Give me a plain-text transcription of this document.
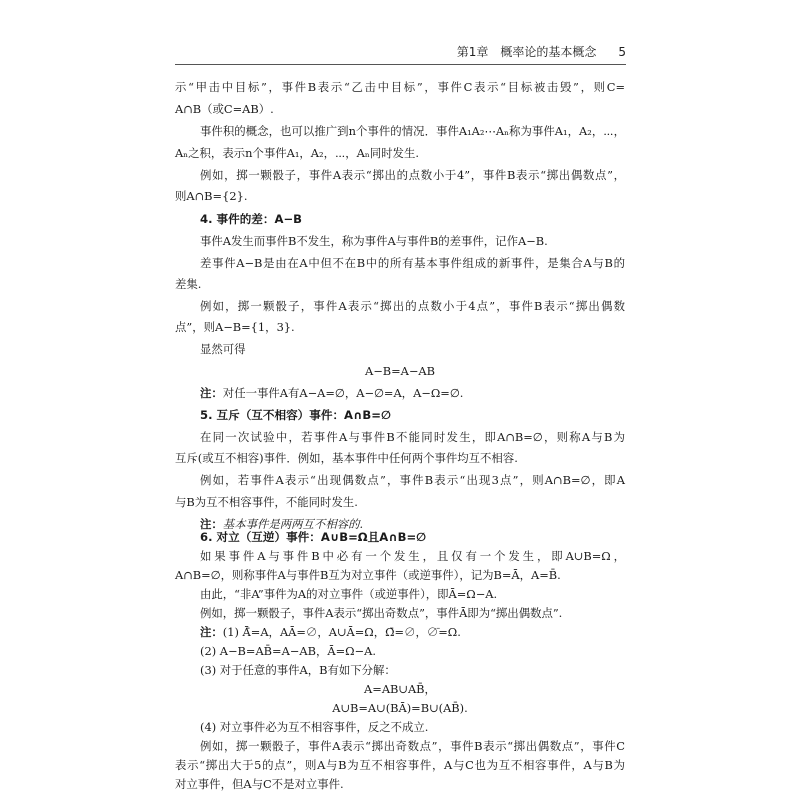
第1章　概率论的基本概念 5
示“甲击中目标”，事件B表示“乙击中目标”，事件C表示“目标被击毁”，则C=
A∩B（或C=AB）.
事件积的概念，也可以推广到n个事件的情况．事件A₁A₂⋯Aₙ称为事件A₁，A₂，⋯，
Aₙ之积，表示n个事件A₁，A₂，⋯，Aₙ同时发生.
例如，掷一颗骰子，事件A表示“掷出的点数小于4”，事件B表示“掷出偶数点”，
则A∩B={2}.
4. 事件的差：A−B
事件A发生而事件B不发生，称为事件A与事件B的差事件，记作A−B.
差事件A−B是由在A中但不在B中的所有基本事件组成的新事件，是集合A与B的
差集.
例如，掷一颗骰子，事件A表示“掷出的点数小于4点”，事件B表示“掷出偶数
点”，则A−B={1，3}.
显然可得
A−B=A−AB
注：对任一事件A有A−A=∅，A−∅=A，A−Ω=∅.
5. 互斥（互不相容）事件：A∩B=∅
在同一次试验中，若事件A与事件B不能同时发生，即A∩B=∅，则称A与B为
互斥(或互不相容)事件．例如，基本事件中任何两个事件均互不相容.
例如，若事件A表示“出现偶数点”，事件B表示“出现3点”，则A∩B=∅，即A
与B为互不相容事件，不能同时发生.
注：基本事件是两两互不相容的.
6. 对立（互逆）事件：A∪B=Ω且A∩B=∅
如果事件A与事件B中必有一个发生，且仅有一个发生，即A∪B=Ω，
A∩B=∅，则称事件A与事件B互为对立事件（或逆事件），记为B=Ā，A=B̄.
由此，“非A”事件为A的对立事件（或逆事件），即Ā=Ω−A.
例如，掷一颗骰子，事件A表示“掷出奇数点”，事件Ā即为“掷出偶数点”.
注：(1) Ā̄=A，AĀ=∅，A∪Ā=Ω，Ω̄=∅，∅̄=Ω.
(2) A−B=AB̄=A−AB，Ā=Ω−A.
(3) 对于任意的事件A，B有如下分解：
A=AB∪AB̄，
A∪B=A∪(BĀ)=B∪(AB̄).
(4) 对立事件必为互不相容事件，反之不成立.
例如，掷一颗骰子，事件A表示“掷出奇数点”，事件B表示“掷出偶数点”，事件C
表示“掷出大于5的点”，则A与B为互不相容事件，A与C也为互不相容事件，A与B为
对立事件，但A与C不是对立事件.
